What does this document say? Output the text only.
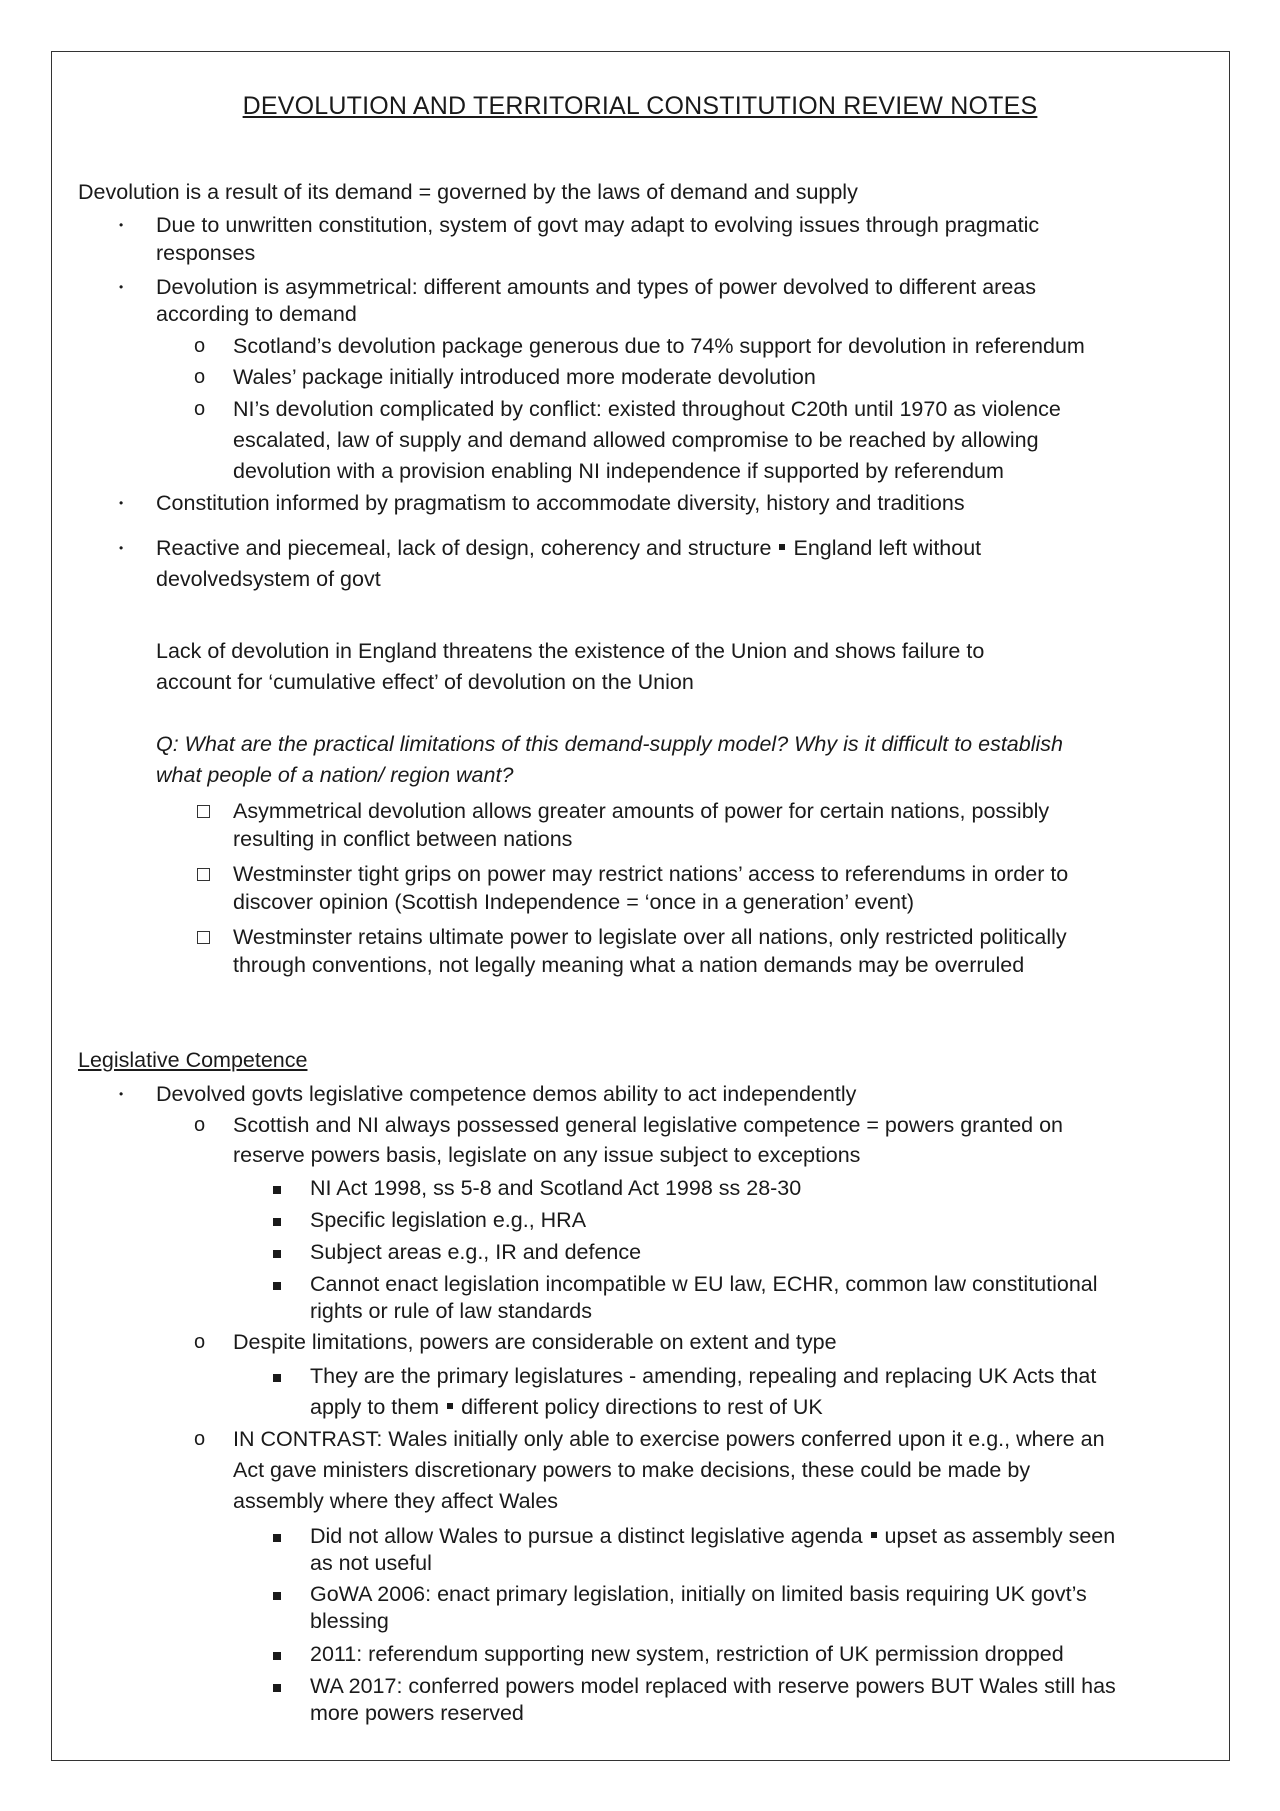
DEVOLUTION AND TERRITORIAL CONSTITUTION REVIEW NOTES
Devolution is a result of its demand = governed by the laws of demand and supply
• Due to unwritten constitution, system of govt may adapt to evolving issues through pragmatic
responses
• Devolution is asymmetrical: different amounts and types of power devolved to different areas
according to demand
o Scotland’s devolution package generous due to 74% support for devolution in referendum
o Wales’ package initially introduced more moderate devolution
o NI’s devolution complicated by conflict: existed throughout C20th until 1970 as violence
escalated, law of supply and demand allowed compromise to be reached by allowing
devolution with a provision enabling NI independence if supported by referendum
• Constitution informed by pragmatism to accommodate diversity, history and traditions
• Reactive and piecemeal, lack of design, coherency and structure England left without
devolvedsystem of govt
Lack of devolution in England threatens the existence of the Union and shows failure to
account for ‘cumulative effect’ of devolution on the Union
Q: What are the practical limitations of this demand-supply model? Why is it difficult to establish
what people of a nation/ region want?
Asymmetrical devolution allows greater amounts of power for certain nations, possibly
resulting in conflict between nations
Westminster tight grips on power may restrict nations’ access to referendums in order to
discover opinion (Scottish Independence = ‘once in a generation’ event)
Westminster retains ultimate power to legislate over all nations, only restricted politically
through conventions, not legally meaning what a nation demands may be overruled
Legislative Competence
• Devolved govts legislative competence demos ability to act independently
o Scottish and NI always possessed general legislative competence = powers granted on
reserve powers basis, legislate on any issue subject to exceptions
NI Act 1998, ss 5-8 and Scotland Act 1998 ss 28-30
Specific legislation e.g., HRA
Subject areas e.g., IR and defence
Cannot enact legislation incompatible w EU law, ECHR, common law constitutional
rights or rule of law standards
o Despite limitations, powers are considerable on extent and type
They are the primary legislatures - amending, repealing and replacing UK Acts that
apply to them different policy directions to rest of UK
o IN CONTRAST: Wales initially only able to exercise powers conferred upon it e.g., where an
Act gave ministers discretionary powers to make decisions, these could be made by
assembly where they affect Wales
Did not allow Wales to pursue a distinct legislative agenda upset as assembly seen
as not useful
GoWA 2006: enact primary legislation, initially on limited basis requiring UK govt’s
blessing
2011: referendum supporting new system, restriction of UK permission dropped
WA 2017: conferred powers model replaced with reserve powers BUT Wales still has
more powers reserved
